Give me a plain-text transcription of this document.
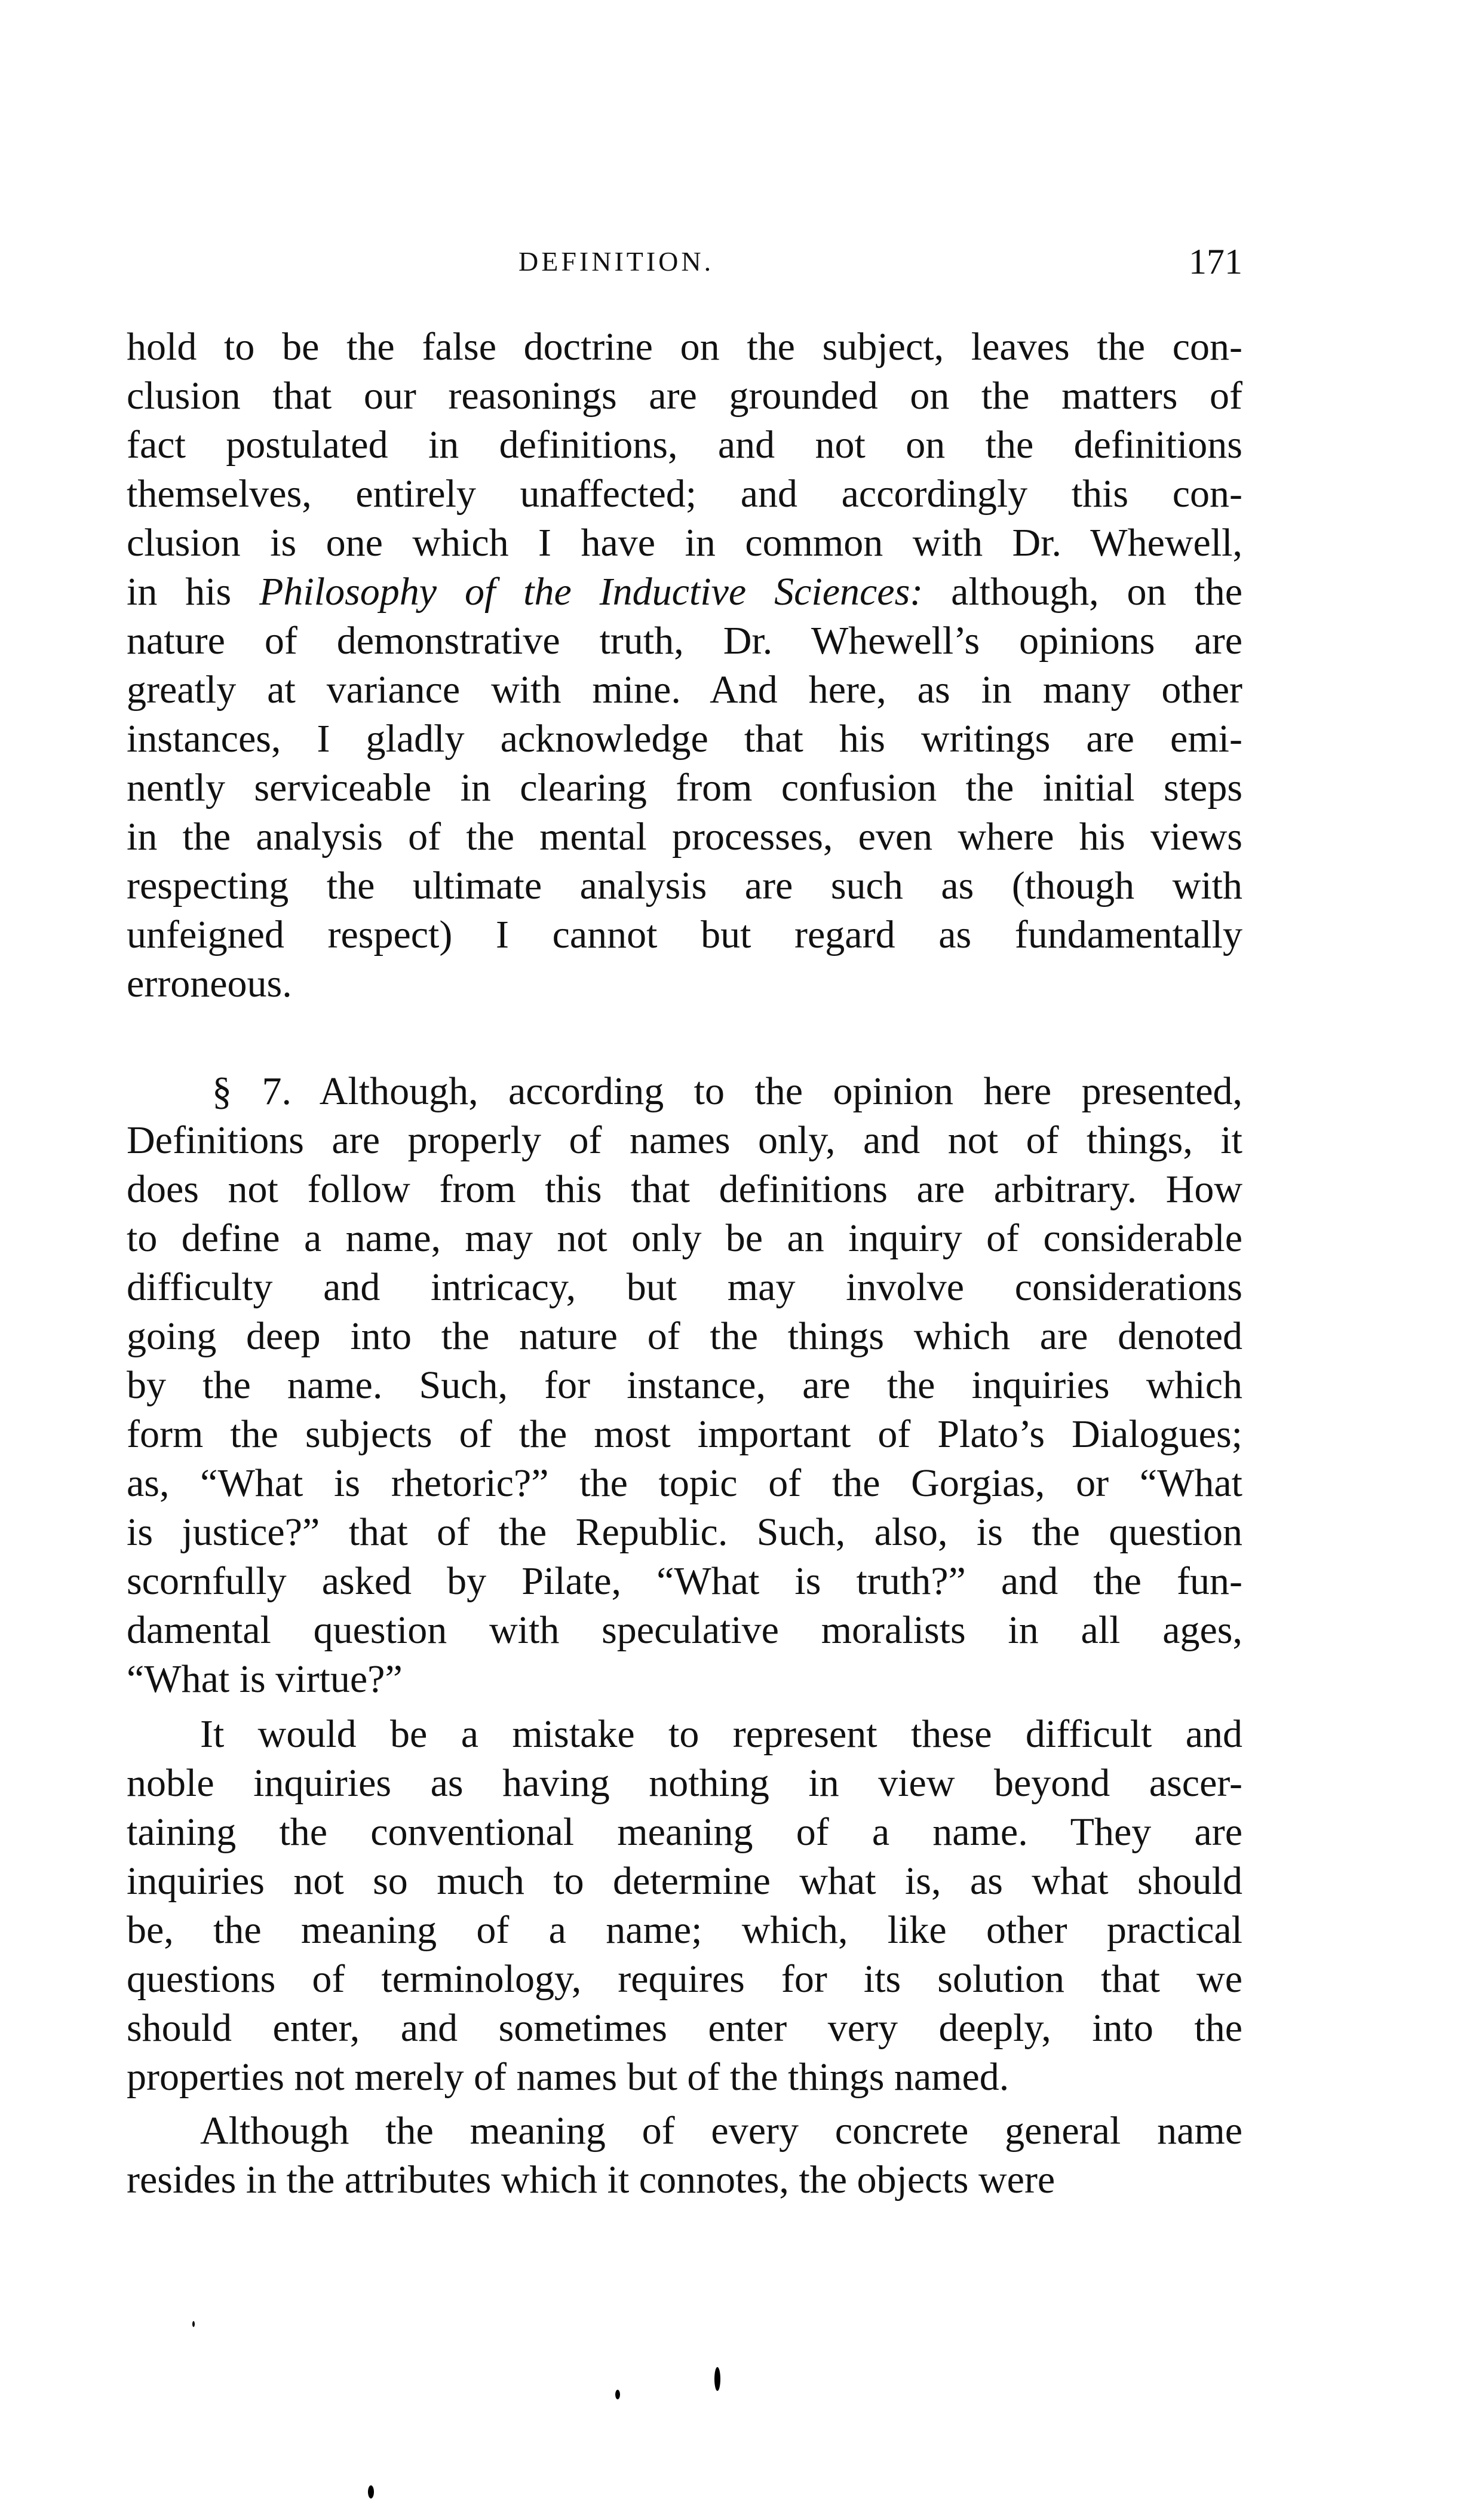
DEFINITION.	171
hold to be the false doctrine on the subject, leaves the con-
clusion that our reasonings are grounded on the matters of
fact postulated in definitions, and not on the definitions
themselves, entirely unaffected; and accordingly this con-
clusion is one which I have in common with Dr. Whewell,
in his Philosophy of the Inductive Sciences: although, on the
nature of demonstrative truth, Dr. Whewell’s opinions are
greatly at variance with mine. And here, as in many other
instances, I gladly acknowledge that his writings are emi-
nently serviceable in clearing from confusion the initial steps
in the analysis of the mental processes, even where his views
respecting the ultimate analysis are such as (though with
unfeigned respect) I cannot but regard as fundamentally
erroneous.
§ 7. Although, according to the opinion here presented,
Definitions are properly of names only, and not of things, it
does not follow from this that definitions are arbitrary. How
to define a name, may not only be an inquiry of considerable
difficulty and intricacy, but may involve considerations
going deep into the nature of the things which are denoted
by the name. Such, for instance, are the inquiries which
form the subjects of the most important of Plato’s Dialogues;
as, “What is rhetoric?” the topic of the Gorgias, or “What
is justice?” that of the Republic. Such, also, is the question
scornfully asked by Pilate, “What is truth?” and the fun-
damental question with speculative moralists in all ages,
“What is virtue?”
It would be a mistake to represent these difficult and
noble inquiries as having nothing in view beyond ascer-
taining the conventional meaning of a name. They are
inquiries not so much to determine what is, as what should
be, the meaning of a name; which, like other practical
questions of terminology, requires for its solution that we
should enter, and sometimes enter very deeply, into the
properties not merely of names but of the things named.
Although the meaning of every concrete general name
resides in the attributes which it connotes, the objects were
